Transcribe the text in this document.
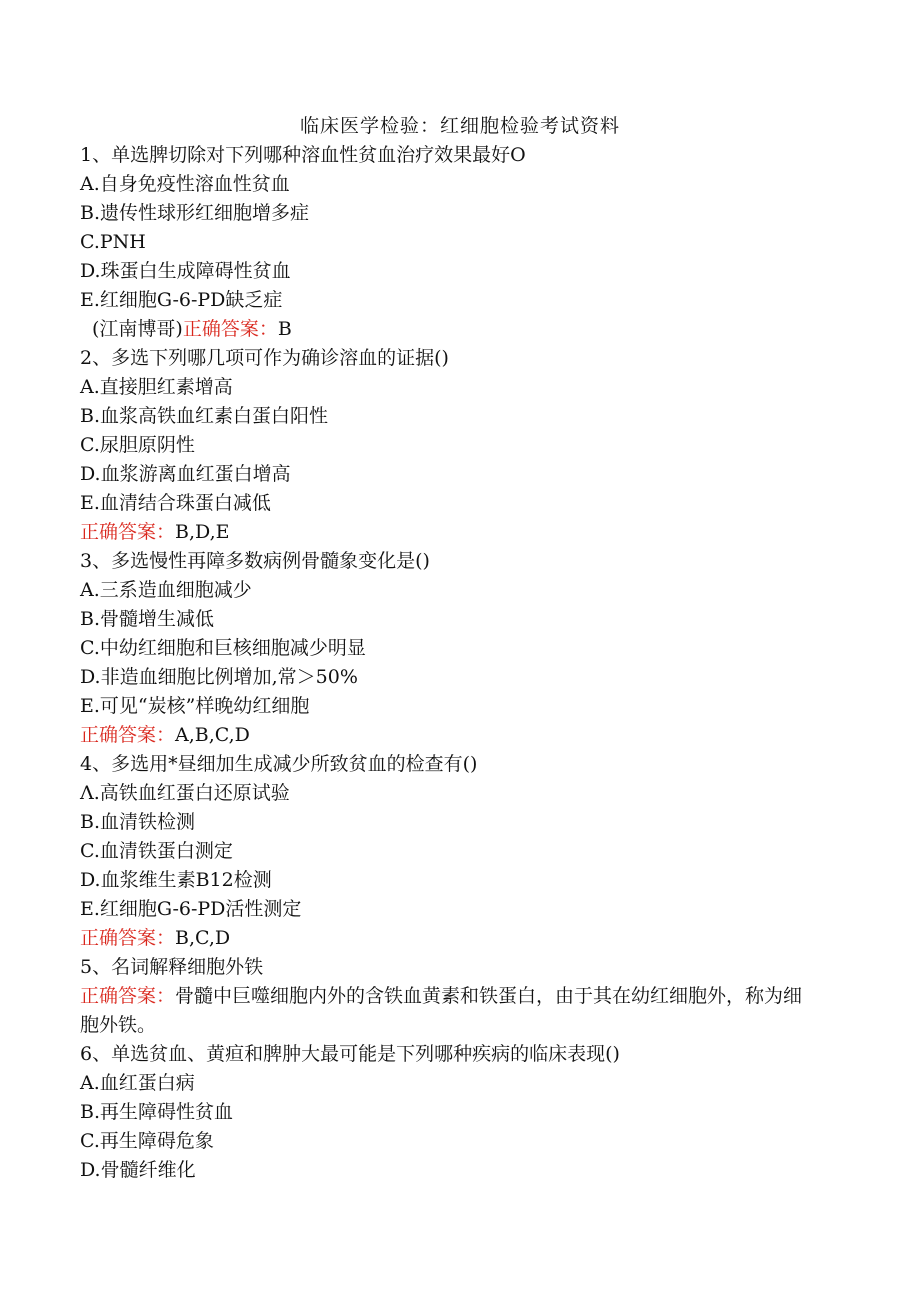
临床医学检验：红细胞检验考试资料
1、单选脾切除对下列哪种溶血性贫血治疗效果最好O
A.自身免疫性溶血性贫血
B.遗传性球形红细胞增多症
C.PNH
D.珠蛋白生成障碍性贫血
E.红细胞G-6-PD缺乏症
(江南博哥)正确答案：B
2、多选下列哪几项可作为确诊溶血的证据()
A.直接胆红素增高
B.血浆高铁血红素白蛋白阳性
C.尿胆原阴性
D.血浆游离血红蛋白增高
E.血清结合珠蛋白减低
正确答案：B,D,E
3、多选慢性再障多数病例骨髓象变化是()
A.三系造血细胞减少
B.骨髓增生减低
C.中幼红细胞和巨核细胞减少明显
D.非造血细胞比例增加,常＞50%
E.可见“炭核”样晚幼红细胞
正确答案：A,B,C,D
4、多选用*昼细加生成减少所致贫血的检查有()
Λ.高铁血红蛋白还原试验
B.血清铁检测
C.血清铁蛋白测定
D.血浆维生素B12检测
E.红细胞G-6-PD活性测定
正确答案：B,C,D
5、名词解释细胞外铁
正确答案：骨髓中巨噬细胞内外的含铁血黄素和铁蛋白，由于其在幼红细胞外，称为细胞外铁。
6、单选贫血、黄疸和脾肿大最可能是下列哪种疾病的临床表现()
A.血红蛋白病
B.再生障碍性贫血
C.再生障碍危象
D.骨髓纤维化
